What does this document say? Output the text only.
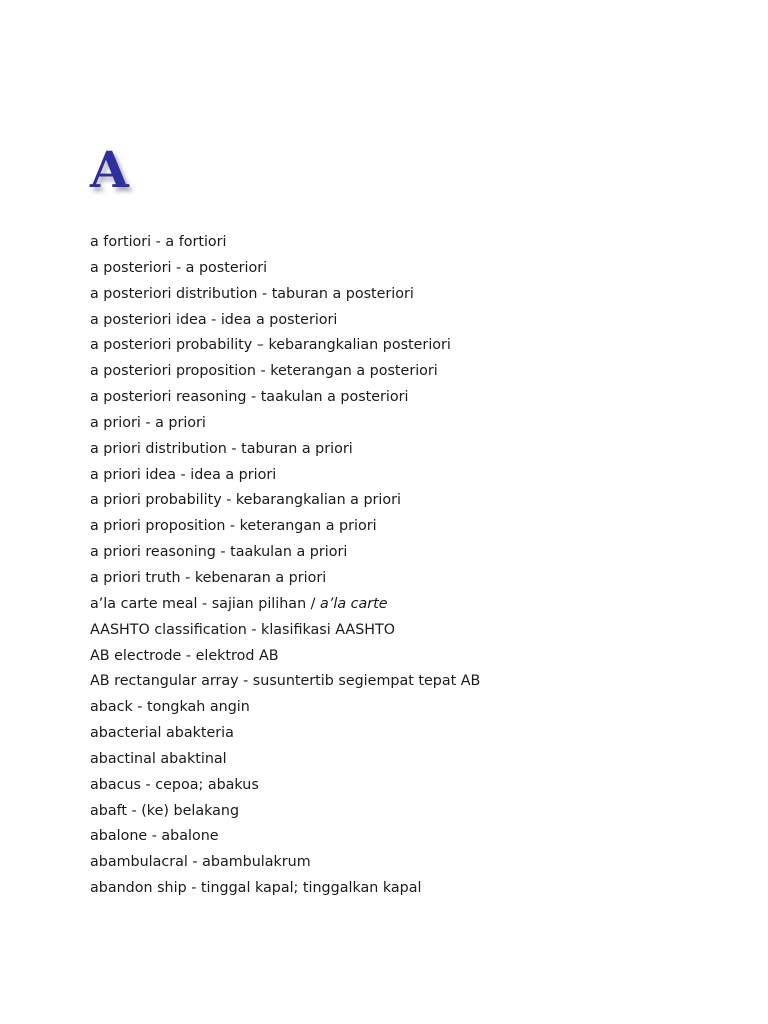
A
a fortiori - a fortiori
a posteriori - a posteriori
a posteriori distribution - taburan a posteriori
a posteriori idea - idea a posteriori
a posteriori probability – kebarangkalian posteriori
a posteriori proposition - keterangan a posteriori
a posteriori reasoning - taakulan a posteriori
a priori - a priori
a priori distribution - taburan a priori
a priori idea - idea a priori
a priori probability - kebarangkalian a priori
a priori proposition - keterangan a priori
a priori reasoning - taakulan a priori
a priori truth - kebenaran a priori
a’la carte meal - sajian pilihan / a’la carte
AASHTO classification - klasifikasi AASHTO
AB electrode - elektrod AB
AB rectangular array - susuntertib segiempat tepat AB
aback - tongkah angin
abacterial abakteria
abactinal abaktinal
abacus - cepoa; abakus
abaft - (ke) belakang
abalone - abalone
abambulacral - abambulakrum
abandon ship - tinggal kapal; tinggalkan kapal
